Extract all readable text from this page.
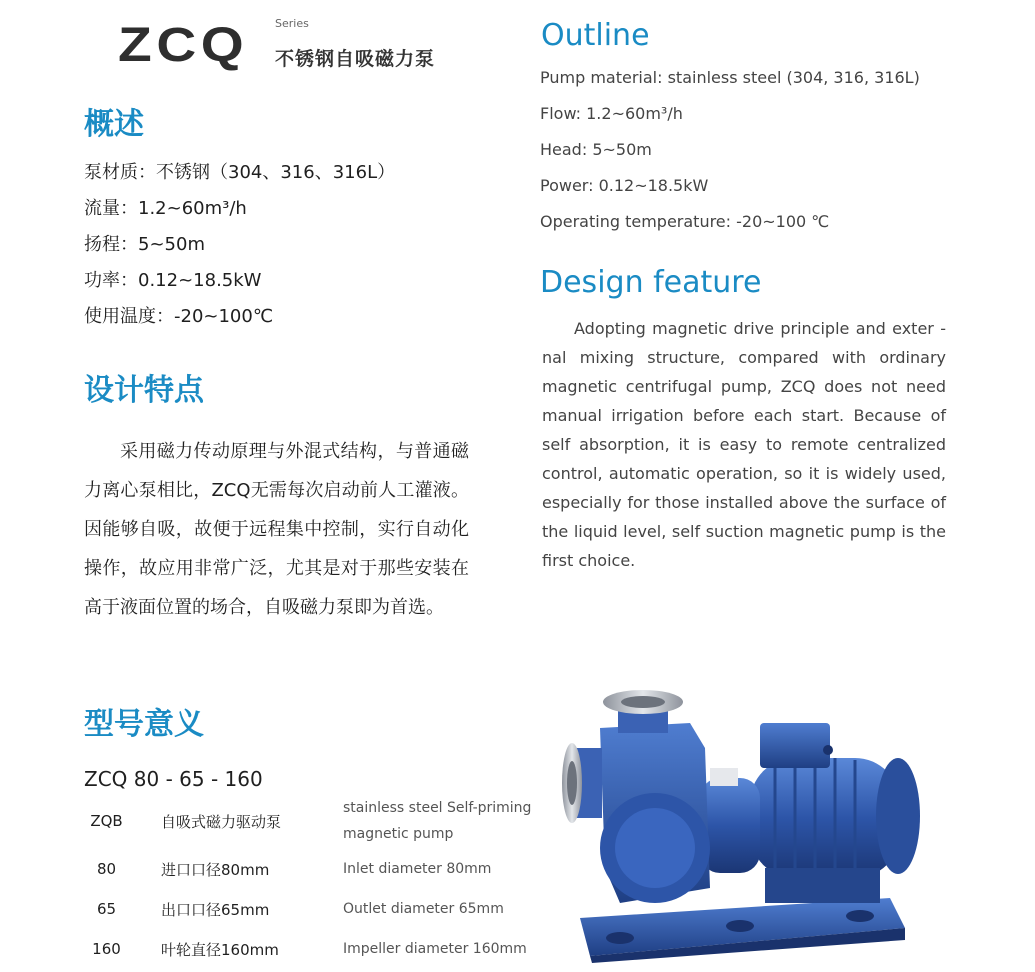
ZCQ Series
不锈钢自吸磁力泵
概述
泵材质：不锈钢（304、316、316L）
流量：1.2~60m³/h
扬程：5~50m
功率：0.12~18.5kW
使用温度：-20~100℃
设计特点

采用磁力传动原理与外混式结构，与普通磁力离心泵相比，ZCQ无需每次启动前人工灌液。因能够自吸，故便于远程集中控制，实行自动化操作，故应用非常广泛，尤其是对于那些安装在高于液面位置的场合，自吸磁力泵即为首选。

Outline
Pump material: stainless steel (304, 316, 316L)
Flow: 1.2~60m³/h
Head: 5~50m
Power: 0.12~18.5kW
Operating temperature: -20~100 ℃
Design feature

Adopting magnetic drive principle and exter -nal mixing structure, compared with ordinary magnetic centrifugal pump, ZCQ does not need manual irrigation before each start. Because of self absorption, it is easy to remote centralized control, automatic operation, so it is widely used, especially for those installed above the surface of the liquid level, self suction magnetic pump is the first choice.

型号意义
ZCQ 80 - 65 - 160
ZQB	自吸式磁力驱动泵	stainless steel Self-priming magnetic pump
80	进口口径80mm	Inlet diameter 80mm
65	出口口径65mm	Outlet diameter 65mm
160	叶轮直径160mm	Impeller diameter 160mm
